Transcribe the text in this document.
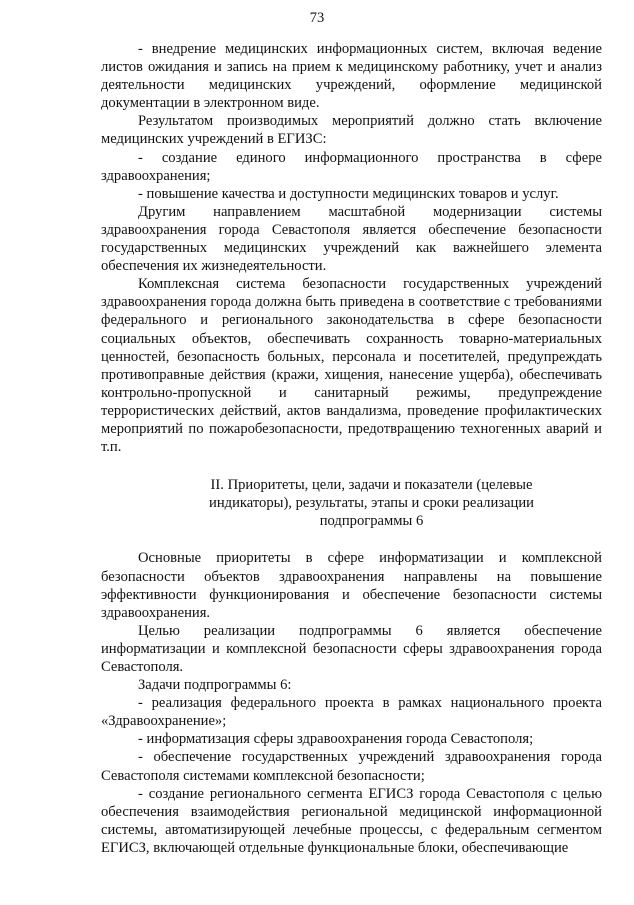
73

- внедрение медицинских информационных систем, включая ведение листов ожидания и запись на прием к медицинскому работнику, учет и анализ деятельности медицинских учреждений, оформление медицинской документации в электронном виде.

Результатом производимых мероприятий должно стать включение медицинских учреждений в ЕГИЗС:

- создание единого информационного пространства в сфере здравоохранения;

- повышение качества и доступности медицинских товаров и услуг.

Другим направлением масштабной модернизации системы здравоохранения города Севастополя является обеспечение безопасности государственных медицинских учреждений как важнейшего элемента обеспечения их жизнедеятельности.

Комплексная система безопасности государственных учреждений здравоохранения города должна быть приведена в соответствие с требованиями федерального и регионального законодательства в сфере безопасности социальных объектов, обеспечивать сохранность товарно-материальных ценностей, безопасность больных, персонала и посетителей, предупреждать противоправные действия (кражи, хищения, нанесение ущерба), обеспечивать контрольно-пропускной и санитарный режимы, предупреждение террористических действий, актов вандализма, проведение профилактических мероприятий по пожаробезопасности, предотвращению техногенных аварий и т.п.

II. Приоритеты, цели, задачи и показатели (целевые индикаторы), результаты, этапы и сроки реализации подпрограммы 6

Основные приоритеты в сфере информатизации и комплексной безопасности объектов здравоохранения направлены на повышение эффективности функционирования и обеспечение безопасности системы здравоохранения.

Целью реализации подпрограммы 6 является обеспечение информатизации и комплексной безопасности сферы здравоохранения города Севастополя.

Задачи подпрограммы 6:

- реализация федерального проекта в рамках национального проекта «Здравоохранение»;

- информатизация сферы здравоохранения города Севастополя;

- обеспечение государственных учреждений здравоохранения города Севастополя системами комплексной безопасности;

- создание регионального сегмента ЕГИСЗ города Севастополя с целью обеспечения взаимодействия региональной медицинской информационной системы, автоматизирующей лечебные процессы, с федеральным сегментом ЕГИСЗ, включающей отдельные функциональные блоки, обеспечивающие
